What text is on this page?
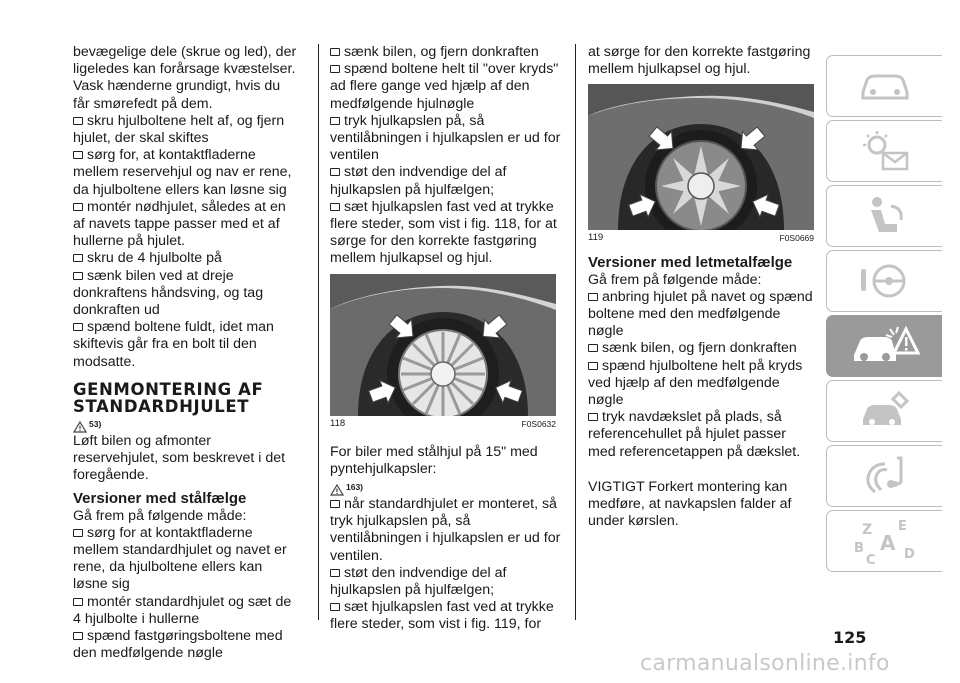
bevægelige dele (skrue og led), der ligeledes kan forårsage kvæstelser. Vask hænderne grundigt, hvis du får smørefedt på dem.

skru hjulboltene helt af, og fjern hjulet, der skal skiftes

sørg for, at kontaktfladerne mellem reservehjul og nav er rene, da hjulboltene ellers kan løsne sig

montér nødhjulet, således at en af navets tappe passer med et af hullerne på hjulet.

skru de 4 hjulbolte på

sænk bilen ved at dreje donkraftens håndsving, og tag donkraften ud

spænd boltene fuldt, idet man skiftevis går fra en bolt til den modsatte.

GENMONTERING AF STANDARDHJULET

53)

Løft bilen og afmonter reservehjulet, som beskrevet i det foregående.

Versioner med stålfælge

Gå frem på følgende måde:

sørg for at kontaktfladerne mellem standardhjulet og navet er rene, da hjulboltene ellers kan løsne sig

montér standardhjulet og sæt de 4 hjulbolte i hullerne

spænd fastgøringsboltene med den medfølgende nøgle

sænk bilen, og fjern donkraften

spænd boltene helt til "over kryds" ad flere gange ved hjælp af den medfølgende hjulnøgle

tryk hjulkapslen på, så ventilåbningen i hjulkapslen er ud for ventilen

støt den indvendige del af hjulkapslen på hjulfælgen;

sæt hjulkapslen fast ved at trykke flere steder, som vist i fig. 118, for at sørge for den korrekte fastgøring mellem hjulkapsel og hjul.

118	F0S0632

For biler med stålhjul på 15" med pyntehjulkapsler:

163)

når standardhjulet er monteret, så tryk hjulkapslen på, så ventilåbningen i hjulkapslen er ud for ventilen.

støt den indvendige del af hjulkapslen på hjulfælgen;

sæt hjulkapslen fast ved at trykke flere steder, som vist i fig. 119, for

at sørge for den korrekte fastgøring mellem hjulkapsel og hjul.

119	F0S0669

Versioner med letmetalfælge

Gå frem på følgende måde:

anbring hjulet på navet og spænd boltene med den medfølgende nøgle

sænk bilen, og fjern donkraften

spænd hjulboltene helt på kryds ved hjælp af den medfølgende nøgle

tryk navdækslet på plads, så referencehullet på hjulet passer med referencetappen på dækslet.

VIGTIGT Forkert montering kan medføre, at navkapslen falder af under kørslen.

Z E
B A
C D
125
carmanualsonline.info
